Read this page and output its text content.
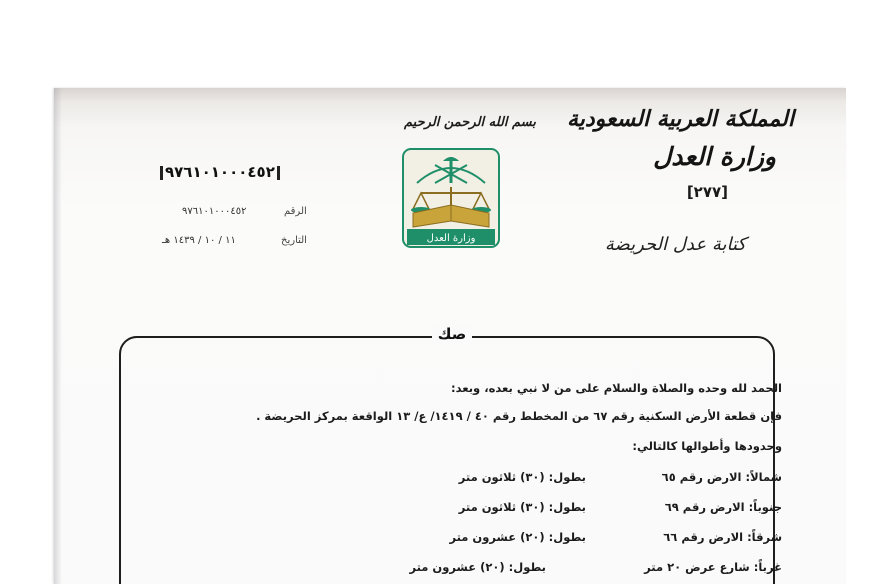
المملكة العربية السعودية
وزارة العدل
[٢٧٧]
كتابة عدل الحريضة
بسم الله الرحمن الرحيم
وزارة العدل
٩٧٦١٠١٠٠٠٤٥٢
الرقم
٩٧٦١٠١٠٠٠٤٥٢
التاريخ
١١ / ١٠ / ١٤٣٩ هـ
صك
الحمد لله وحده والصلاة والسلام على من لا نبي بعده، وبعد:
فإن قطعة الأرض السكنية رقم ٦٧ من المخطط رقم ٤٠ / ١٤١٩/ ع/ ١٣ الواقعة بمركز الحريضة .
وحدودها وأطوالها كالتالي:
شمالاً: الارض رقم ٦٥
بطول: (٣٠) ثلاثون متر
جنوباً: الارض رقم ٦٩
بطول: (٣٠) ثلاثون متر
شرقاً: الارض رقم ٦٦
بطول: (٢٠) عشرون متر
غرباً: شارع عرض ٢٠ متر
بطول: (٢٠) عشرون متر
